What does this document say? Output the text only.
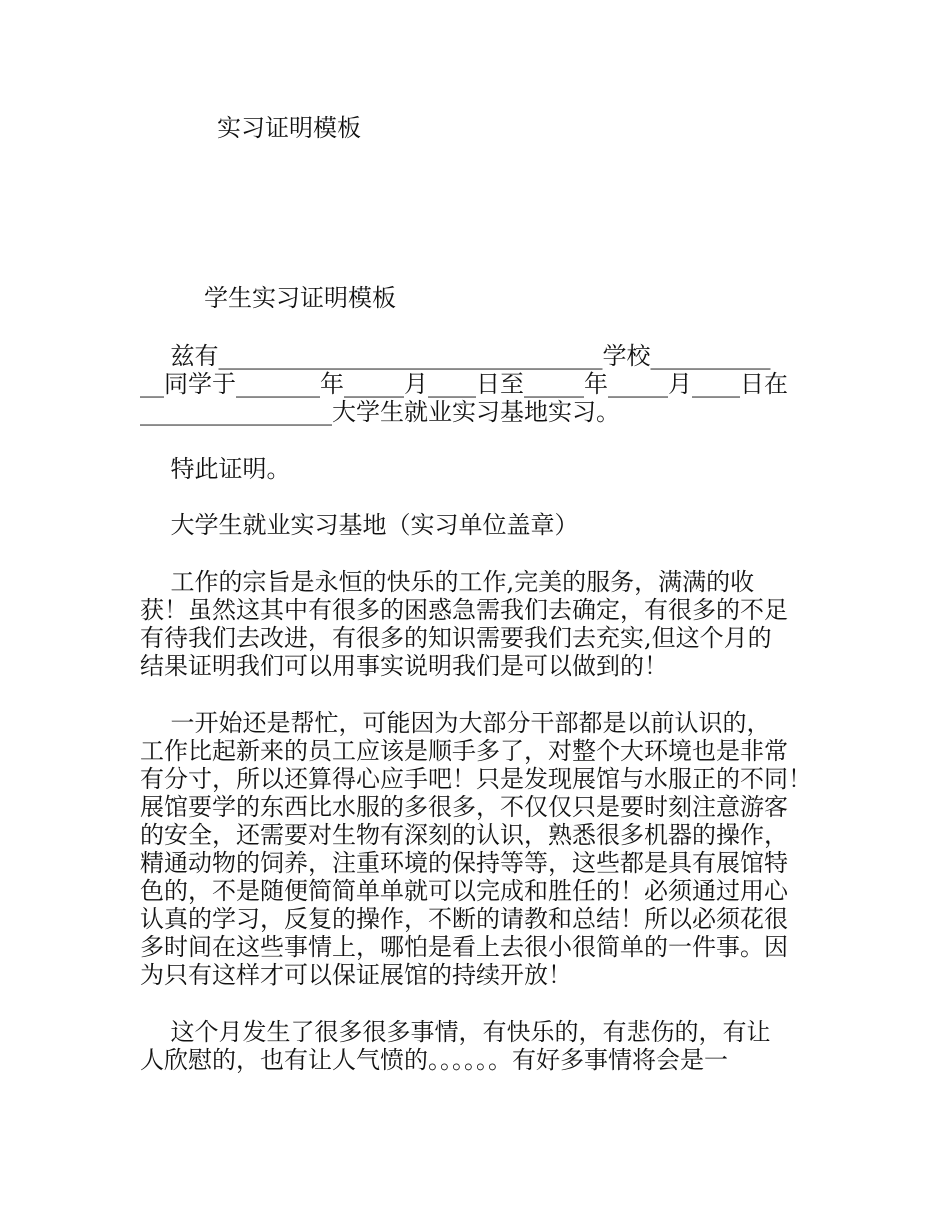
实习证明模板
学生实习证明模板
兹有________________________________学校__________
__同学于_______年_____月____日至_____年_____月____日在
________________大学生就业实习基地实习。
特此证明。
大学生就业实习基地（实习单位盖章）
工作的宗旨是永恒的快乐的工作,完美的服务，满满的收
获！虽然这其中有很多的困惑急需我们去确定，有很多的不足
有待我们去改进，有很多的知识需要我们去充实,但这个月的
结果证明我们可以用事实说明我们是可以做到的！
一开始还是帮忙，可能因为大部分干部都是以前认识的，
工作比起新来的员工应该是顺手多了，对整个大环境也是非常
有分寸，所以还算得心应手吧！只是发现展馆与水服正的不同！
展馆要学的东西比水服的多很多，不仅仅只是要时刻注意游客
的安全，还需要对生物有深刻的认识，熟悉很多机器的操作，
精通动物的饲养，注重环境的保持等等，这些都是具有展馆特
色的，不是随便简简单单就可以完成和胜任的！必须通过用心
认真的学习，反复的操作，不断的请教和总结！所以必须花很
多时间在这些事情上，哪怕是看上去很小很简单的一件事。因
为只有这样才可以保证展馆的持续开放！
这个月发生了很多很多事情，有快乐的，有悲伤的，有让
人欣慰的，也有让人气愤的。。。。。。有好多事情将会是一
